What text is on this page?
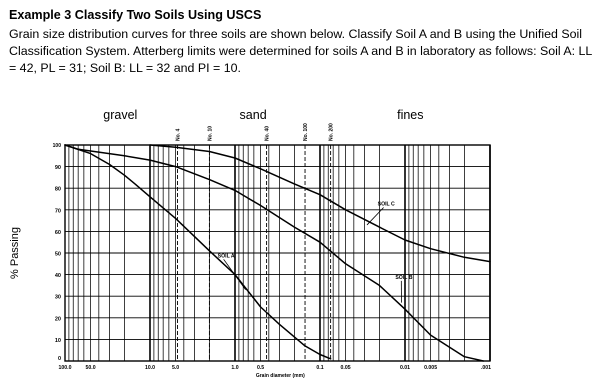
Example 3 Classify Two Soils Using USCS

Grain size distribution curves for three soils are shown below. Classify Soil A and B using the Unified Soil Classification System. Atterberg limits were determined for soils A and B in laboratory as follows: Soil A: LL = 42, PL = 31; Soil B: LL = 32 and PI = 10.

gravel	sand	fines
SOIL A
SOIL B
SOIL C
10
20
30
40
50
60
70
80
90
100
0
No. 4	No. 10	No. 40	No. 100	No. 200
100.0	50.0	10.0	5.0	1.0	0.5	0.1	0.05	0.01	0.005	.001
Grain diameter (mm)
% Passing
